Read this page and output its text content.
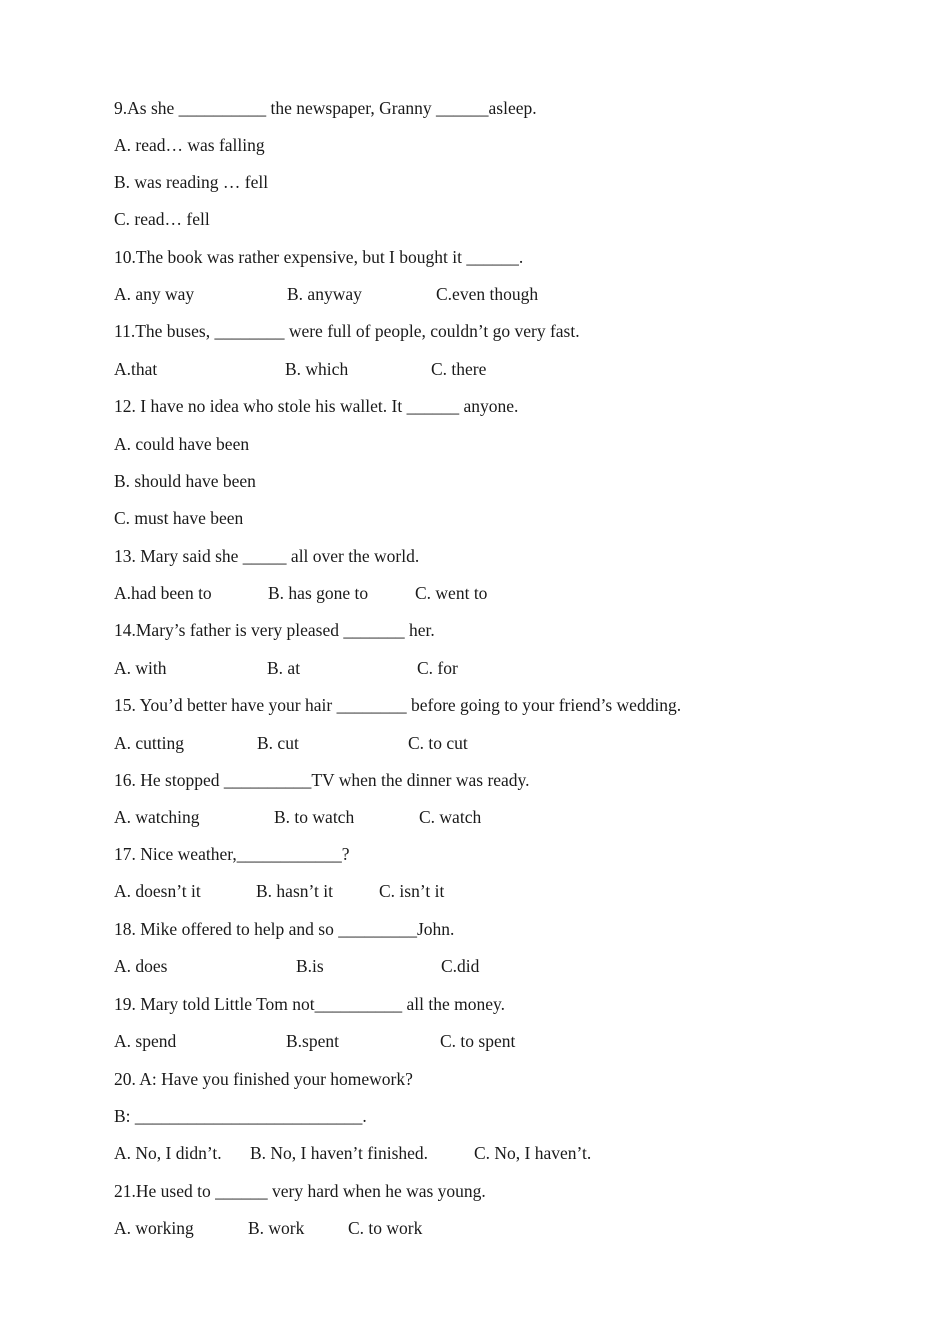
9.As she __________ the newspaper, Granny ______asleep.
A. read… was falling
B. was reading … fell
C. read… fell
10.The book was rather expensive, but I bought it ______.
A. any way	B. anyway	C.even though
11.The buses, ________ were full of people, couldn’t go very fast.
A.that	B. which	C. there
12. I have no idea who stole his wallet. It ______ anyone.
A. could have been
B. should have been
C. must have been
13. Mary said she _____ all over the world.
A.had been to	B. has gone to	C. went to
14.Mary’s father is very pleased _______ her.
A. with	B. at	C. for
15. You’d better have your hair ________ before going to your friend’s wedding.
A. cutting	B. cut	C. to cut
16. He stopped __________TV when the dinner was ready.
A. watching	B. to watch	C. watch
17. Nice weather,____________?
A. doesn’t it	B. hasn’t it	C. isn’t it
18. Mike offered to help and so _________John.
A. does	B.is	C.did
19. Mary told Little Tom not__________ all the money.
A. spend	B.spent	C. to spent
20. A: Have you finished your homework?
B: __________________________.
A. No, I didn’t. B. No, I haven’t finished.	C. No, I haven’t.
21.He used to ______ very hard when he was young.
A. working	B. work C. to work
